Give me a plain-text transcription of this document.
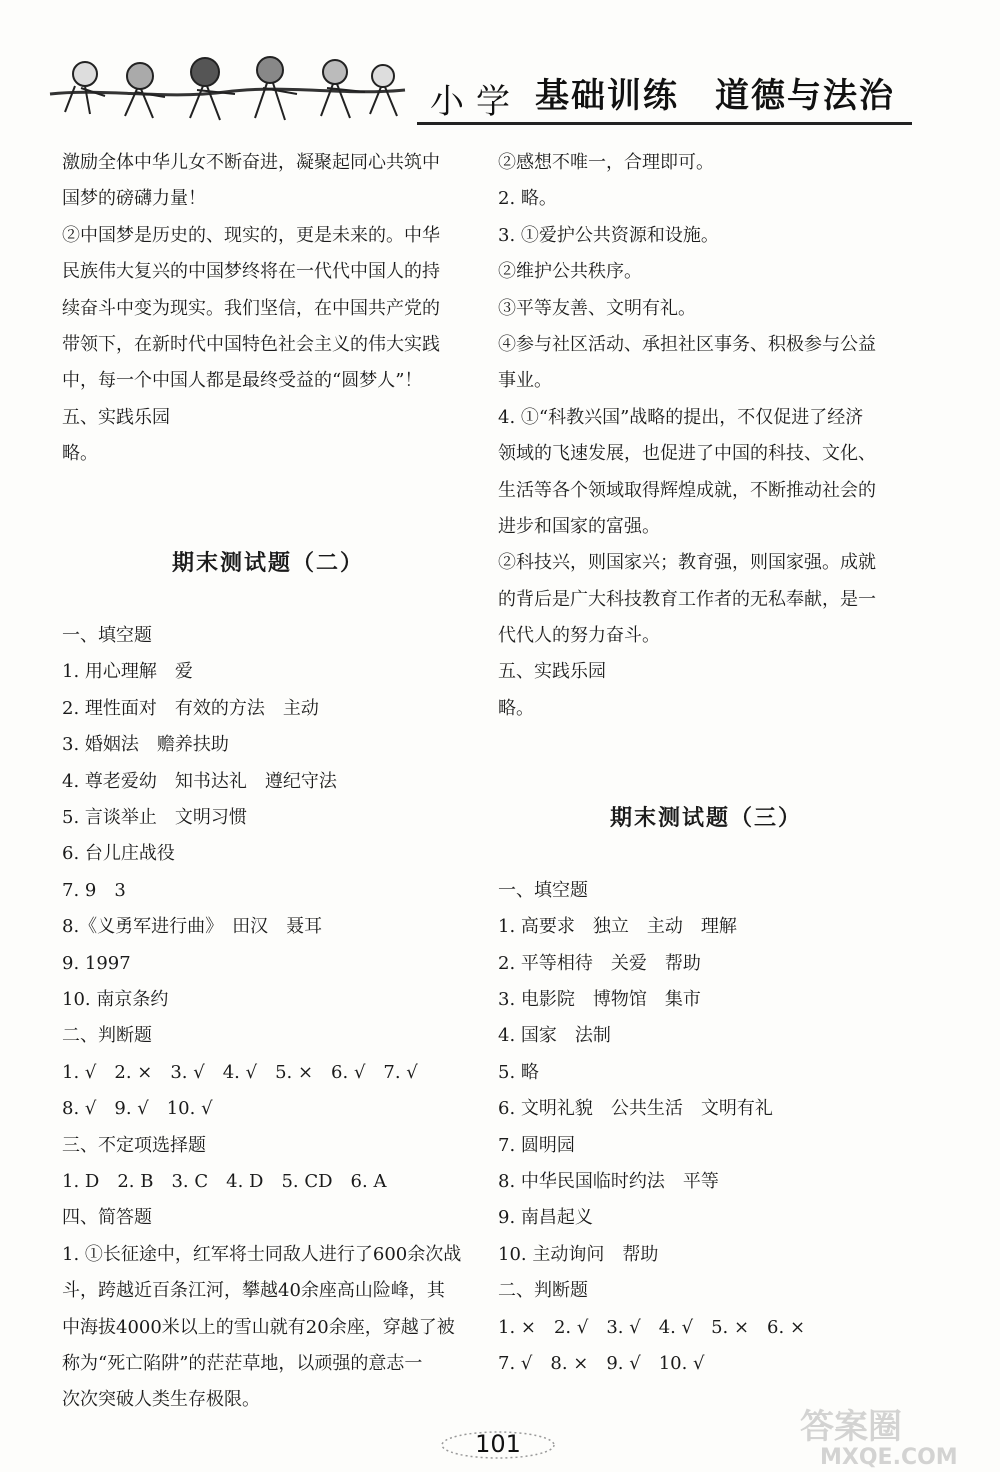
小学 基础训练　道德与法治
激励全体中华儿女不断奋进，凝聚起同心共筑中
国梦的磅礴力量！
②中国梦是历史的、现实的，更是未来的。中华
民族伟大复兴的中国梦终将在一代代中国人的持
续奋斗中变为现实。我们坚信，在中国共产党的
带领下，在新时代中国特色社会主义的伟大实践
中，每一个中国人都是最终受益的“圆梦人”！
五、实践乐园
略。
期末测试题（二）
一、填空题
1. 用心理解　爱
2. 理性面对　有效的方法　主动
3. 婚姻法　赡养扶助
4. 尊老爱幼　知书达礼　遵纪守法
5. 言谈举止　文明习惯
6. 台儿庄战役
7. 9　3
8.《义勇军进行曲》　田汉　聂耳
9. 1997
10. 南京条约
二、判断题
1. √　2. ×　3. √　4. √　5. ×　6. √　7. √
8. √　9. √　10. √
三、不定项选择题
1. D　2. B　3. C　4. D　5. CD　6. A
四、简答题
1. ①长征途中，红军将士同敌人进行了600余次战
斗，跨越近百条江河，攀越40余座高山险峰，其
中海拔4000米以上的雪山就有20余座，穿越了被
称为“死亡陷阱”的茫茫草地，以顽强的意志一
次次突破人类生存极限。
②感想不唯一，合理即可。
2. 略。
3. ①爱护公共资源和设施。
②维护公共秩序。
③平等友善、文明有礼。
④参与社区活动、承担社区事务、积极参与公益
事业。
4. ①“科教兴国”战略的提出，不仅促进了经济
领域的飞速发展，也促进了中国的科技、文化、
生活等各个领域取得辉煌成就，不断推动社会的
进步和国家的富强。
②科技兴，则国家兴；教育强，则国家强。成就
的背后是广大科技教育工作者的无私奉献，是一
代代人的努力奋斗。
五、实践乐园
略。
期末测试题（三）
一、填空题
1. 高要求　独立　主动　理解
2. 平等相待　关爱　帮助
3. 电影院　博物馆　集市
4. 国家　法制
5. 略
6. 文明礼貌　公共生活　文明有礼
7. 圆明园
8. 中华民国临时约法　平等
9. 南昌起义
10. 主动询问　帮助
二、判断题
1. ×　2. √　3. √　4. √　5. ×　6. ×
7. √　8. ×　9. √　10. √
101	答案圈
MXQE.COM
